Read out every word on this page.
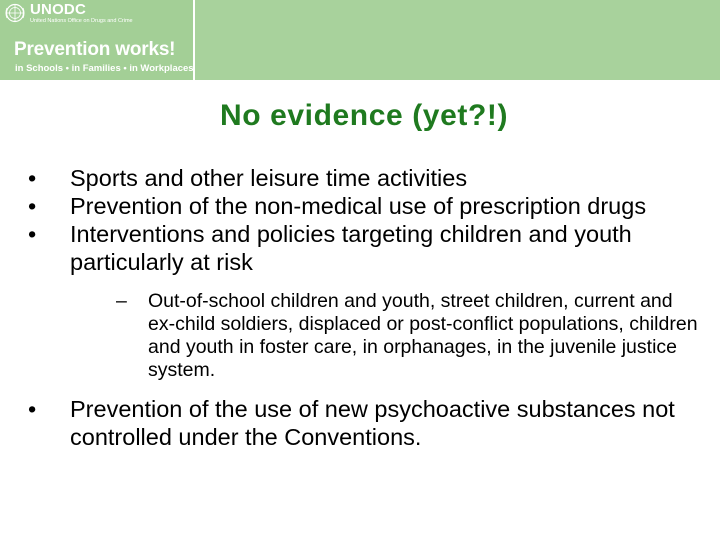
UNODC
United Nations Office on Drugs and Crime
Prevention works!
in Schools • in Families • in Workplaces
No evidence (yet?!)
• Sports and other leisure time activities
• Prevention of the non-medical use of prescription drugs
• Interventions and policies targeting children and youth particularly at risk
– Out-of-school children and youth, street children, current and ex-child soldiers, displaced or post-conflict populations, children and youth in foster care, in orphanages, in the juvenile justice system.
• Prevention of the use of new psychoactive substances not controlled under the Conventions.
